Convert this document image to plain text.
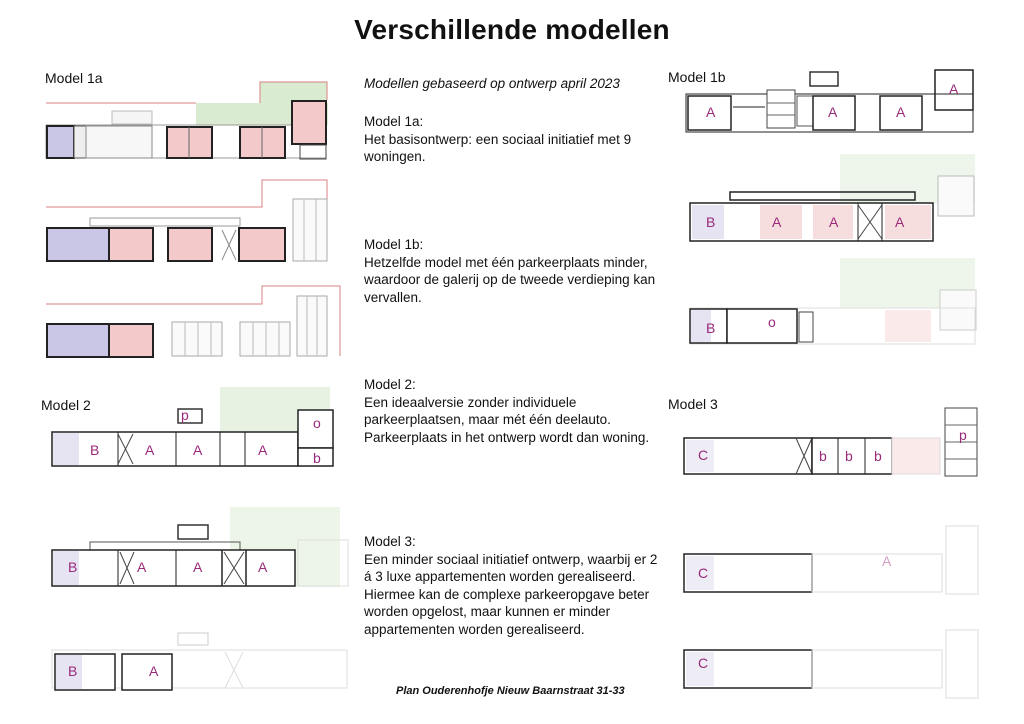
Verschillende modellen
Model 1a	Model 1b
Model 2	Model 3
Modellen gebaseerd op ontwerp april 2023
Model 1a:
Het basisontwerp: een sociaal initiatief met 9 woningen.
Model 1b:
Hetzelfde model met één parkeerplaats minder, waardoor de galerij op de tweede verdieping kan vervallen.
Model 2:
Een ideaalversie zonder individuele parkeerplaatsen, maar mét één deelauto. Parkeerplaats in het ontwerp wordt dan woning.
Model 3:
Een minder sociaal initiatief ontwerp, waarbij er 2 á 3 luxe appartementen worden gerealiseerd. Hiermee kan de complexe parkeeropgave beter worden opgelost, maar kunnen er minder appartementen worden gerealiseerd.
Plan Ouderenhofje Nieuw Baarnstraat 31-33
p
B	A	A	A
o
b
B	A	A	A
B	A
A	A	A
A
B	A	A	A
B	o
C	b b b
p
C
A
C
